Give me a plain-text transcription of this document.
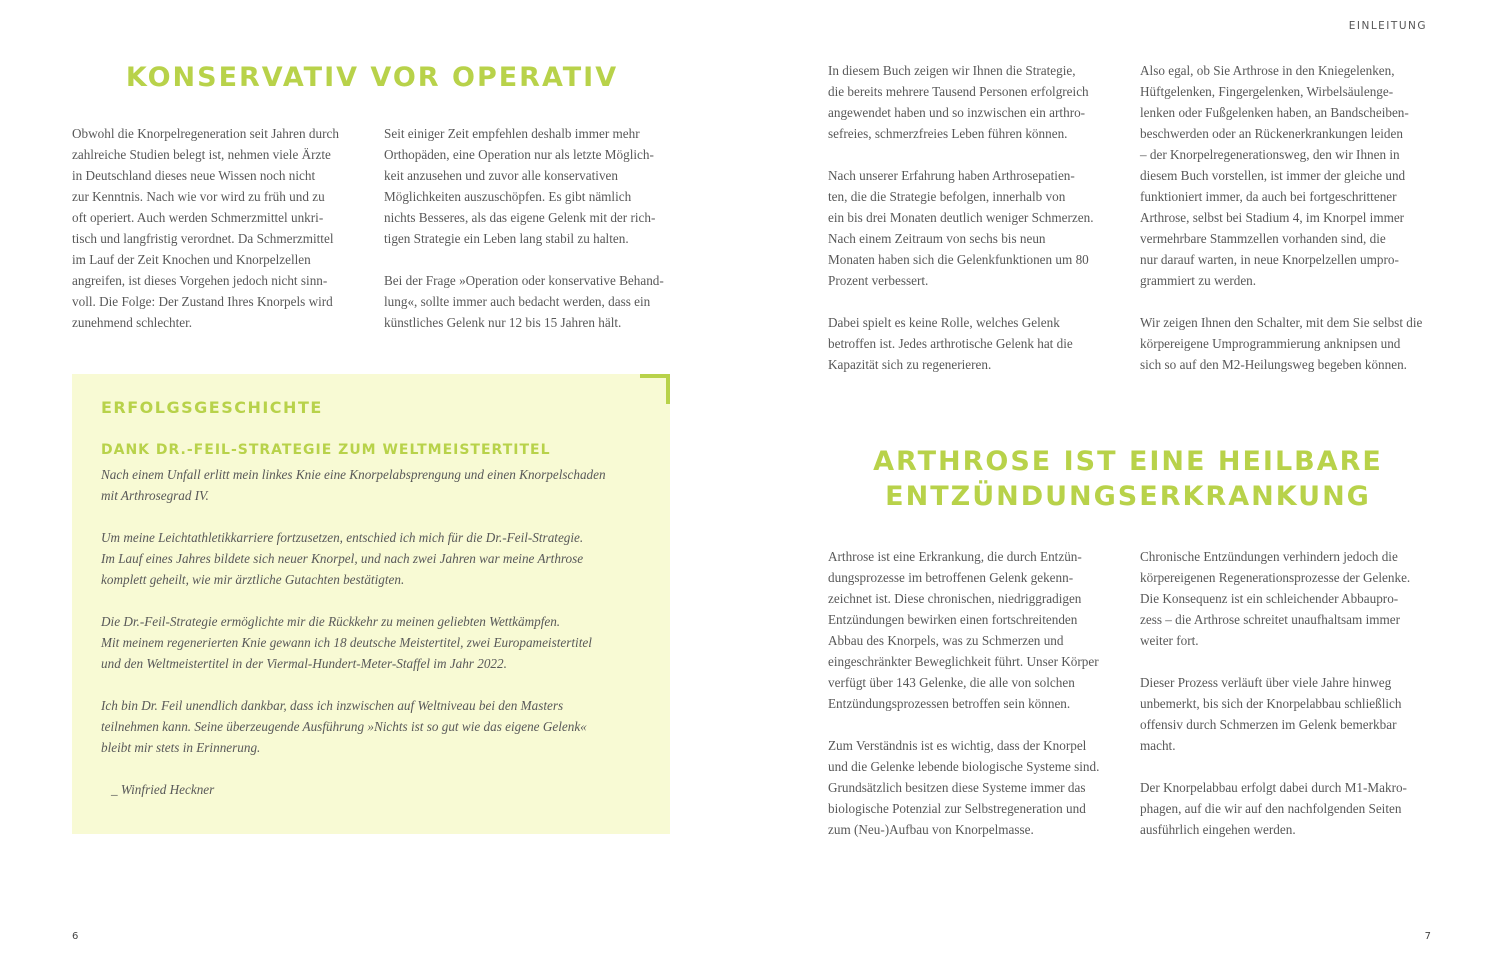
KONSERVATIV VOR OPERATIV

Obwohl die Knorpelregeneration seit Jahren durch
zahlreiche Studien belegt ist, nehmen viele Ärzte
in Deutschland dieses neue Wissen noch nicht
zur Kenntnis. Nach wie vor wird zu früh und zu
oft operiert. Auch werden Schmerzmittel unkri-
tisch und langfristig verordnet. Da Schmerzmittel
im Lauf der Zeit Knochen und Knorpelzellen
angreifen, ist dieses Vorgehen jedoch nicht sinn-
voll. Die Folge: Der Zustand Ihres Knorpels wird
zunehmend schlechter.

Seit einiger Zeit empfehlen deshalb immer mehr
Orthopäden, eine Operation nur als letzte Möglich-
keit anzusehen und zuvor alle konservativen
Möglichkeiten auszuschöpfen. Es gibt nämlich
nichts Besseres, als das eigene Gelenk mit der rich-
tigen Strategie ein Leben lang stabil zu halten.

Bei der Frage »Operation oder konservative Behand-
lung«, sollte immer auch bedacht werden, dass ein
künstliches Gelenk nur 12 bis 15 Jahren hält.

ERFOLGSGESCHICHTE
DANK DR.-FEIL-STRATEGIE ZUM WELTMEISTERTITEL

Nach einem Unfall erlitt mein linkes Knie eine Knorpelabsprengung und einen Knorpelschaden
mit Arthrosegrad IV.

Um meine Leichtathletikkarriere fortzusetzen, entschied ich mich für die Dr.-Feil-Strategie.
Im Lauf eines Jahres bildete sich neuer Knorpel, und nach zwei Jahren war meine Arthrose
komplett geheilt, wie mir ärztliche Gutachten bestätigten.

Die Dr.-Feil-Strategie ermöglichte mir die Rückkehr zu meinen geliebten Wettkämpfen.
Mit meinem regenerierten Knie gewann ich 18 deutsche Meistertitel, zwei Europameistertitel
und den Weltmeistertitel in der Viermal-Hundert-Meter-Staffel im Jahr 2022.

Ich bin Dr. Feil unendlich dankbar, dass ich inzwischen auf Weltniveau bei den Masters
teilnehmen kann. Seine überzeugende Ausführung »Nichts ist so gut wie das eigene Gelenk«
bleibt mir stets in Erinnerung.

_ Winfried Heckner

6
EINLEITUNG

In diesem Buch zeigen wir Ihnen die Strategie,
die bereits mehrere Tausend Personen erfolgreich
angewendet haben und so inzwischen ein arthro-
sefreies, schmerzfreies Leben führen können.

Nach unserer Erfahrung haben Arthrosepatien-
ten, die die Strategie befolgen, innerhalb von
ein bis drei Monaten deutlich weniger Schmerzen.
Nach einem Zeitraum von sechs bis neun
Monaten haben sich die Gelenkfunktionen um 80
Prozent verbessert.

Dabei spielt es keine Rolle, welches Gelenk
betroffen ist. Jedes arthrotische Gelenk hat die
Kapazität sich zu regenerieren.

Also egal, ob Sie Arthrose in den Kniegelenken,
Hüftgelenken, Fingergelenken, Wirbelsäulenge-
lenken oder Fußgelenken haben, an Bandscheiben-
beschwerden oder an Rückenerkrankungen leiden
– der Knorpelregenerationsweg, den wir Ihnen in
diesem Buch vorstellen, ist immer der gleiche und
funktioniert immer, da auch bei fortgeschrittener
Arthrose, selbst bei Stadium 4, im Knorpel immer
vermehrbare Stammzellen vorhanden sind, die
nur darauf warten, in neue Knorpelzellen umpro-
grammiert zu werden.

Wir zeigen Ihnen den Schalter, mit dem Sie selbst die
körpereigene Umprogrammierung anknipsen und
sich so auf den M2-Heilungsweg begeben können.

ARTHROSE IST EINE HEILBARE
ENTZÜNDUNGSERKRANKUNG

Arthrose ist eine Erkrankung, die durch Entzün-
dungsprozesse im betroffenen Gelenk gekenn-
zeichnet ist. Diese chronischen, niedriggradigen
Entzündungen bewirken einen fortschreitenden
Abbau des Knorpels, was zu Schmerzen und
eingeschränkter Beweglichkeit führt. Unser Körper
verfügt über 143 Gelenke, die alle von solchen
Entzündungsprozessen betroffen sein können.

Zum Verständnis ist es wichtig, dass der Knorpel
und die Gelenke lebende biologische Systeme sind.
Grundsätzlich besitzen diese Systeme immer das
biologische Potenzial zur Selbstregeneration und
zum (Neu-)Aufbau von Knorpelmasse.

Chronische Entzündungen verhindern jedoch die
körpereigenen Regenerationsprozesse der Gelenke.
Die Konsequenz ist ein schleichender Abbaupro-
zess – die Arthrose schreitet unaufhaltsam immer
weiter fort.

Dieser Prozess verläuft über viele Jahre hinweg
unbemerkt, bis sich der Knorpelabbau schließlich
offensiv durch Schmerzen im Gelenk bemerkbar
macht.

Der Knorpelabbau erfolgt dabei durch M1-Makro-
phagen, auf die wir auf den nachfolgenden Seiten
ausführlich eingehen werden.

7
